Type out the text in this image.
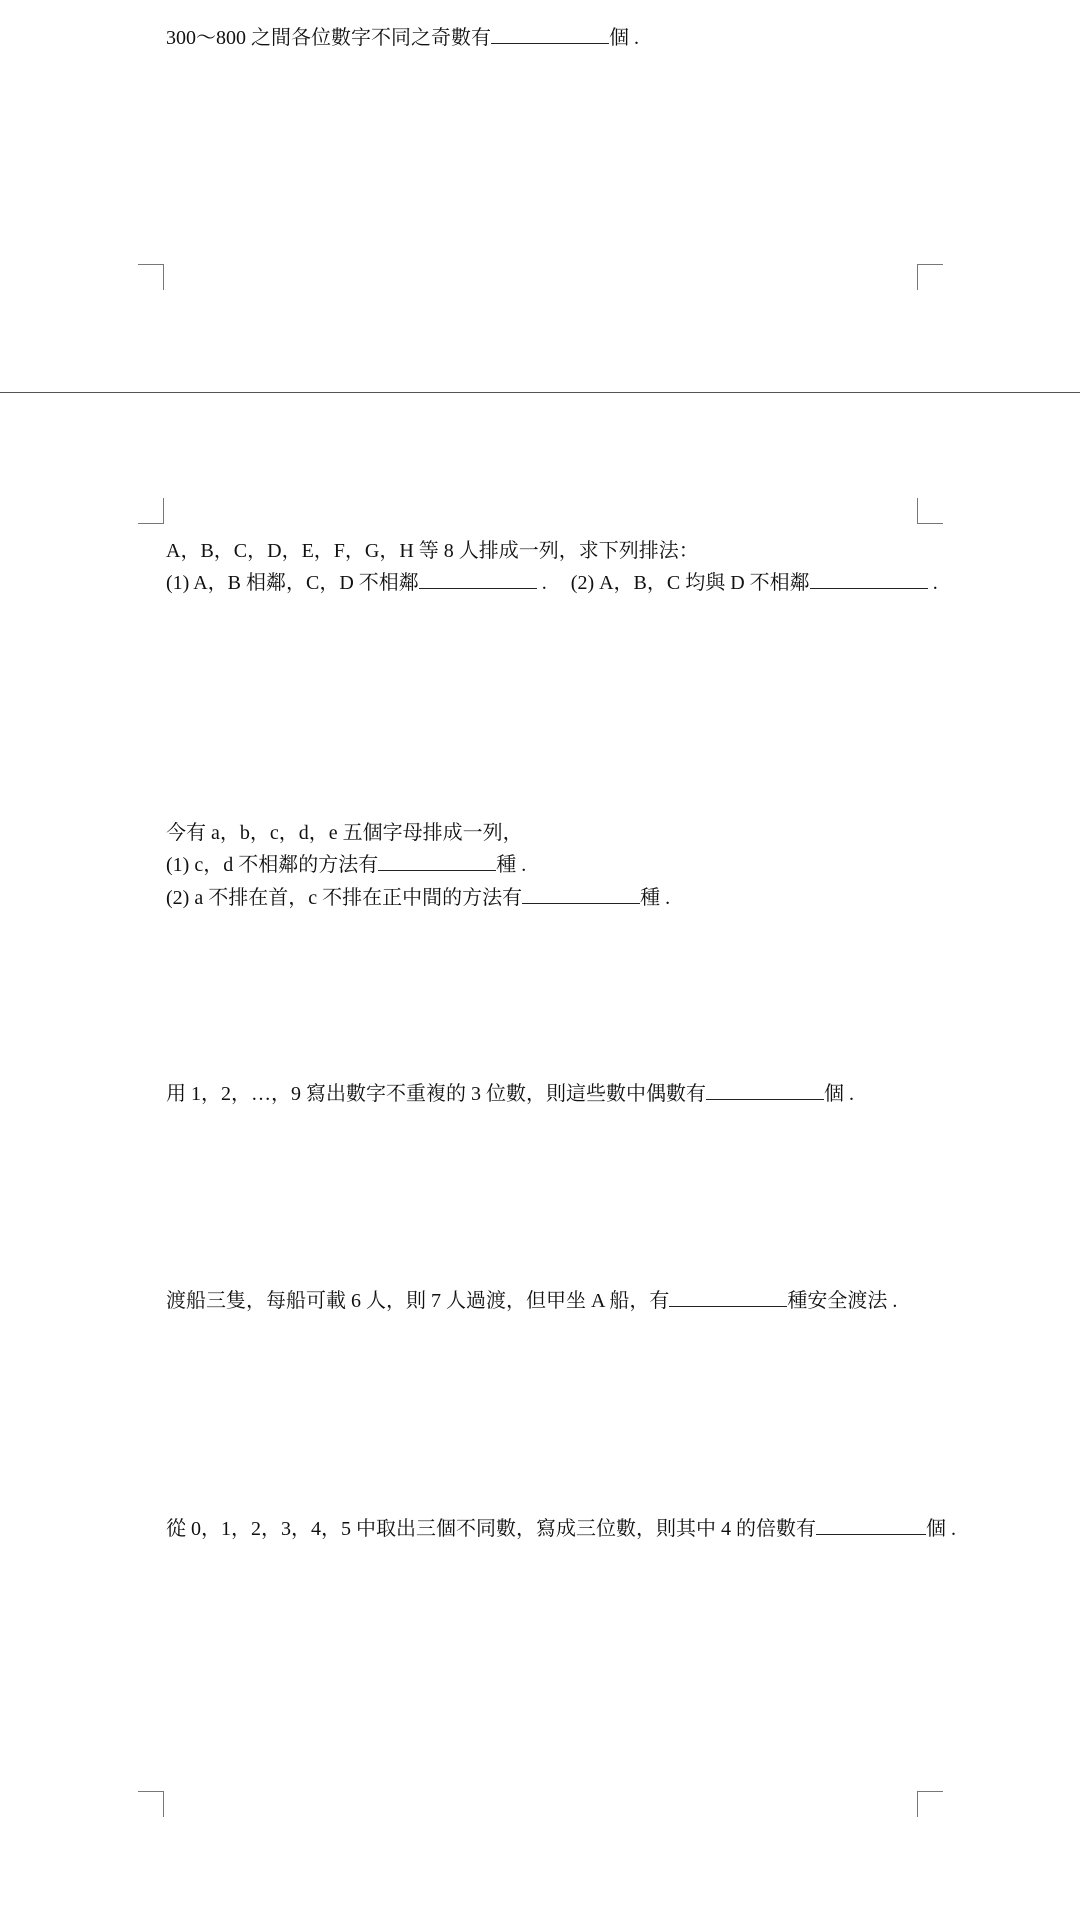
300～800 之間各位數字不同之奇數有	個 .
A，B，C，D，E，F，G，H 等 8 人排成一列，求下列排法：
(1) A，B 相鄰，C，D 不相鄰	. (2) A，B，C 均與 D 不相鄰	.
今有 a，b，c，d，e 五個字母排成一列，
(1) c，d 不相鄰的方法有	種 .
(2) a 不排在首，c 不排在正中間的方法有	種 .
用 1，2，…，9 寫出數字不重複的 3 位數，則這些數中偶數有	個 .
渡船三隻，每船可載 6 人，則 7 人過渡，但甲坐 A 船，有	種安全渡法 .
從 0，1，2，3，4，5 中取出三個不同數，寫成三位數，則其中 4 的倍數有	個 .
